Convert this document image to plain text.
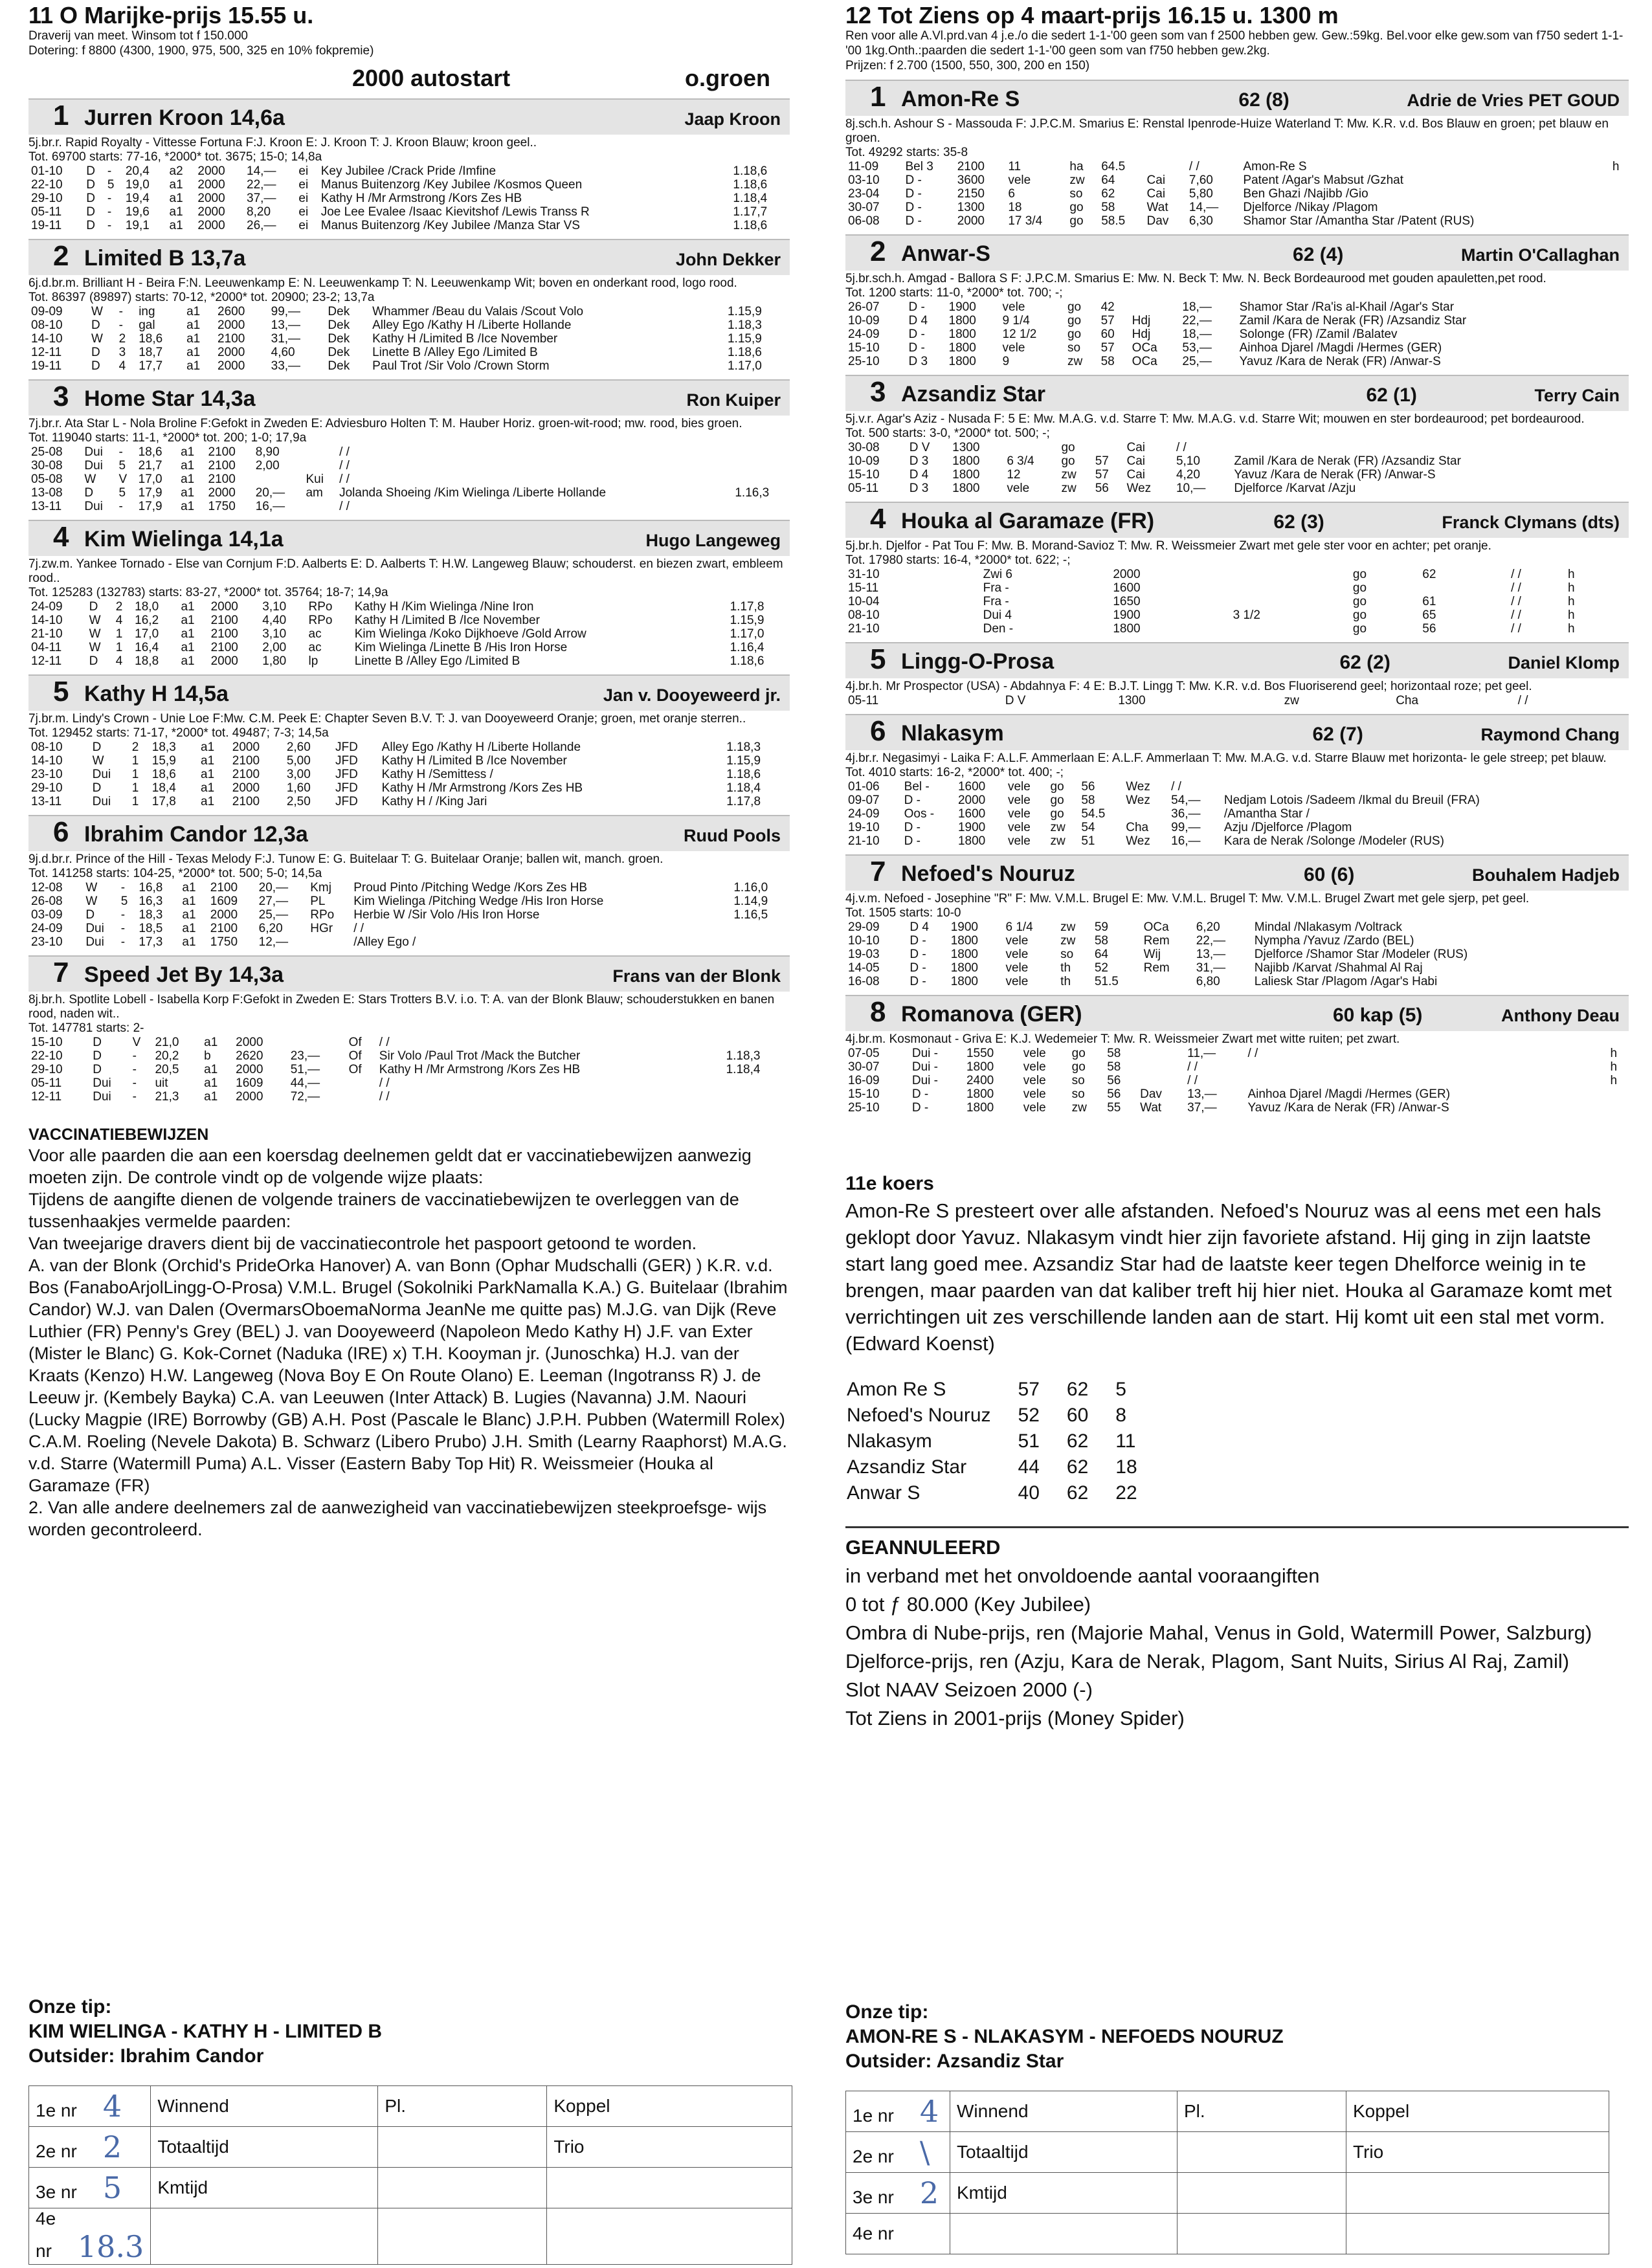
11 O Marijke-prijs 15.55 u.
Draverij van meet. Winsom tot f 150.000
Dotering: f 8800 (4300, 1900, 975, 500, 325 en 10% fokpremie)
2000 autostart	o.groen
1 Jurren Kroon 14,6a	Jaap Kroon
5j.br.r. Rapid Royalty - Vittesse Fortuna F:J. Kroon E: J. Kroon T: J. Kroon Blauw; kroon geel..
Tot. 69700 starts: 77-16, *2000* tot. 3675; 15-0; 14,8a
01-10	D	-	20,4	a2	2000	14,—	ei	Key Jubilee /Crack Pride /Imfine	1.18,6
22-10	D	5	19,0	a1	2000	22,—	ei	Manus Buitenzorg /Key Jubilee /Kosmos Queen	1.18,6
29-10	D	-	19,4	a1	2000	37,—	ei	Kathy H /Mr Armstrong /Kors Zes HB	1.18,4
05-11	D	-	19,6	a1	2000	8,20	ei	Joe Lee Evalee /Isaac Kievitshof /Lewis Transs R	1.17,7
19-11	D	-	19,1	a1	2000	26,—	ei	Manus Buitenzorg /Key Jubilee /Manza Star VS	1.18,6
2 Limited B 13,7a	John Dekker
6j.d.br.m. Brilliant H - Beira F:N. Leeuwenkamp E: N. Leeuwenkamp T: N. Leeuwenkamp Wit; boven en onderkant rood, logo rood.
Tot. 86397 (89897) starts: 70-12, *2000* tot. 20900; 23-2; 13,7a
09-09	W	-	ing	a1	2600	99,—	Dek	Whammer /Beau du Valais /Scout Volo	1.15,9
08-10	D	-	gal	a1	2000	13,—	Dek	Alley Ego /Kathy H /Liberte Hollande	1.18,3
14-10	W	2	18,6	a1	2100	31,—	Dek	Kathy H /Limited B /Ice November	1.15,9
12-11	D	3	18,7	a1	2000	4,60	Dek	Linette B /Alley Ego /Limited B	1.18,6
19-11	D	4	17,7	a1	2000	33,—	Dek	Paul Trot /Sir Volo /Crown Storm	1.17,0
3 Home Star 14,3a	Ron Kuiper
7j.br.r. Ata Star L - Nola Broline F:Gefokt in Zweden E: Adviesburo Holten T: M. Hauber Horiz. groen-wit-rood; mw. rood, bies groen.
Tot. 119040 starts: 11-1, *2000* tot. 200; 1-0; 17,9a
25-08	Dui	-	18,6	a1	2100	8,90		/ /	
30-08	Dui	5	21,7	a1	2100	2,00		/ /	
05-08	W	V	17,0	a1	2100		Kui	/ /	
13-08	D	5	17,9	a1	2000	20,—	am	Jolanda Shoeing /Kim Wielinga /Liberte Hollande	1.16,3
13-11	Dui	-	17,9	a1	1750	16,—		/ /	
4 Kim Wielinga 14,1a	Hugo Langeweg
7j.zw.m. Yankee Tornado - Else van Cornjum F:D. Aalberts E: D. Aalberts T: H.W. Langeweg Blauw; schouderst. en biezen zwart, embleem rood..
Tot. 125283 (132783) starts: 83-27, *2000* tot. 35764; 18-7; 14,9a
24-09	D	2	18,0	a1	2000	3,10	RPo	Kathy H /Kim Wielinga /Nine Iron	1.17,8
14-10	W	4	16,2	a1	2100	4,40	RPo	Kathy H /Limited B /Ice November	1.15,9
21-10	W	1	17,0	a1	2100	3,10	ac	Kim Wielinga /Koko Dijkhoeve /Gold Arrow	1.17,0
04-11	W	1	16,4	a1	2100	2,00	ac	Kim Wielinga /Linette B /His Iron Horse	1.16,4
12-11	D	4	18,8	a1	2000	1,80	lp	Linette B /Alley Ego /Limited B	1.18,6
5 Kathy H 14,5a	Jan v. Dooyeweerd jr.
7j.br.m. Lindy's Crown - Unie Loe F:Mw. C.M. Peek E: Chapter Seven B.V. T: J. van Dooyeweerd Oranje; groen, met oranje sterren..
Tot. 129452 starts: 71-17, *2000* tot. 49487; 7-3; 14,5a
08-10	D	2	18,3	a1	2000	2,60	JFD	Alley Ego /Kathy H /Liberte Hollande	1.18,3
14-10	W	1	15,9	a1	2100	5,00	JFD	Kathy H /Limited B /Ice November	1.15,9
23-10	Dui	1	18,6	a1	2100	3,00	JFD	Kathy H /Semittess /	1.18,6
29-10	D	1	18,4	a1	2000	1,60	JFD	Kathy H /Mr Armstrong /Kors Zes HB	1.18,4
13-11	Dui	1	17,8	a1	2100	2,50	JFD	Kathy H / /King Jari	1.17,8
6 Ibrahim Candor 12,3a	Ruud Pools
9j.d.br.r. Prince of the Hill - Texas Melody F:J. Tunow E: G. Buitelaar T: G. Buitelaar Oranje; ballen wit, manch. groen.
Tot. 141258 starts: 104-25, *2000* tot. 500; 5-0; 14,5a
12-08	W	-	16,8	a1	2100	20,—	Kmj	Proud Pinto /Pitching Wedge /Kors Zes HB	1.16,0
26-08	W	5	16,3	a1	1609	27,—	PL	Kim Wielinga /Pitching Wedge /His Iron Horse	1.14,9
03-09	D	-	18,3	a1	2000	25,—	RPo	Herbie W /Sir Volo /His Iron Horse	1.16,5
24-09	Dui	-	18,5	a1	2100	6,20	HGr	/ /	
23-10	Dui	-	17,3	a1	1750	12,—		/Alley Ego /	
7 Speed Jet By 14,3a	Frans van der Blonk
8j.br.h. Spotlite Lobell - Isabella Korp F:Gefokt in Zweden E: Stars Trotters B.V. i.o. T: A. van der Blonk Blauw; schouderstukken en banen rood, naden wit..
Tot. 147781 starts: 2-
15-10	D	V	21,0	a1	2000		Of	/ /	
22-10	D	-	20,2	b	2620	23,—	Of	Sir Volo /Paul Trot /Mack the Butcher	1.18,3
29-10	D	-	20,5	a1	2000	51,—	Of	Kathy H /Mr Armstrong /Kors Zes HB	1.18,4
05-11	Dui	-	uit	a1	1609	44,—		/ /	
12-11	Dui	-	21,3	a1	2000	72,—		/ /	
VACCINATIEBEWIJZEN
Voor alle paarden die aan een koersdag deelnemen geldt dat er vaccinatiebewijzen aanwezig moeten zijn. De controle vindt op de volgende wijze plaats:
Tijdens de aangifte dienen de volgende trainers de vaccinatiebewijzen te overleggen van de tussenhaakjes vermelde paarden:
Van tweejarige dravers dient bij de vaccinatiecontrole het paspoort getoond te worden.
A. van der Blonk (Orchid's PrideOrka Hanover) A. van Bonn (Ophar Mudschalli (GER) ) K.R. v.d. Bos (FanaboArjolLingg-O-Prosa) V.M.L. Brugel (Sokolniki ParkNamalla K.A.) G. Buitelaar (Ibrahim Candor) W.J. van Dalen (OvermarsOboemaNorma JeanNe me quitte pas) M.J.G. van Dijk (Reve Luthier (FR) Penny's Grey (BEL) J. van Dooyeweerd (Napoleon Medo Kathy H) J.F. van Exter (Mister le Blanc) G. Kok-Cornet (Naduka (IRE) x) T.H. Kooyman jr. (Junoschka) H.J. van der Kraats (Kenzo) H.W. Langeweg (Nova Boy E On Route Olano) E. Leeman (Ingotranss R) J. de Leeuw jr. (Kembely Bayka) C.A. van Leeuwen (Inter Attack) B. Lugies (Navanna) J.M. Naouri (Lucky Magpie (IRE) Borrowby (GB) A.H. Post (Pascale le Blanc) J.P.H. Pubben (Watermill Rolex) C.A.M. Roeling (Nevele Dakota) B. Schwarz (Libero Prubo) J.H. Smith (Learny Raaphorst) M.A.G. v.d. Starre (Watermill Puma) A.L. Visser (Eastern Baby Top Hit) R. Weissmeier (Houka al Garamaze (FR)
2. Van alle andere deelnemers zal de aanwezigheid van vaccinatiebewijzen steekproefsge- wijs worden gecontroleerd.
Onze tip:
KIM WIELINGA - KATHY H - LIMITED B
Outsider: Ibrahim Candor
1e nr 4	Winnend	Pl.	Koppel
2e nr 2	Totaaltijd		Trio
3e nr 5	Kmtijd		
4e nr 18.3			
12 Tot Ziens op 4 maart-prijs 16.15 u. 1300 m
Ren voor alle A.Vl.prd.van 4 j.e./o die sedert 1-1-'00 geen som van f 2500 hebben gew. Gew.:59kg. Bel.voor elke gew.som van f750 sedert 1-1-'00 1kg.Onth.:paarden die sedert 1-1-'00 geen som van f750 hebben gew.2kg.
Prijzen: f 2.700 (1500, 550, 300, 200 en 150)
1 Amon-Re S	62 (8)	Adrie de Vries PET GOUD
8j.sch.h. Ashour S - Massouda F: J.P.C.M. Smarius E: Renstal Ipenrode-Huize Waterland T: Mw. K.R. v.d. Bos Blauw en groen; pet blauw en groen.
Tot. 49292 starts: 35-8
11-09	Bel 3	2100	11	ha	64.5		/ /	Amon-Re S	h
03-10	D -	3600	vele	zw	64	Cai	7,60	Patent /Agar's Mabsut /Gzhat	
23-04	D -	2150	6	so	62	Cai	5,80	Ben Ghazi /Najibb /Gio	
30-07	D -	1300	18	go	58	Wat	14,—	Djelforce /Nikay /Plagom	
06-08	D -	2000	17 3/4	go	58.5	Dav	6,30	Shamor Star /Amantha Star /Patent (RUS)	
2 Anwar-S	62 (4)	Martin O'Callaghan
5j.br.sch.h. Amgad - Ballora S F: J.P.C.M. Smarius E: Mw. N. Beck T: Mw. N. Beck Bordeaurood met gouden apauletten,pet rood.
Tot. 1200 starts: 11-0, *2000* tot. 700; -;
26-07	D -	1900	vele	go	42		18,—	Shamor Star /Ra'is al-Khail /Agar's Star	
10-09	D 4	1800	9 1/4	go	57	Hdj	22,—	Zamil /Kara de Nerak (FR) /Azsandiz Star	
24-09	D -	1800	12 1/2	go	60	Hdj	18,—	Solonge (FR) /Zamil /Balatev	
15-10	D -	1800	vele	so	57	OCa	53,—	Ainhoa Djarel /Magdi /Hermes (GER)	
25-10	D 3	1800	9	zw	58	OCa	25,—	Yavuz /Kara de Nerak (FR) /Anwar-S	
3 Azsandiz Star	62 (1)	Terry Cain
5j.v.r. Agar's Aziz - Nusada F: 5 E: Mw. M.A.G. v.d. Starre T: Mw. M.A.G. v.d. Starre Wit; mouwen en ster bordeaurood; pet bordeaurood.
Tot. 500 starts: 3-0, *2000* tot. 500; -;
30-08	D V	1300		go		Cai	/ /		
10-09	D 3	1800	6 3/4	go	57	Cai	5,10	Zamil /Kara de Nerak (FR) /Azsandiz Star	
15-10	D 4	1800	12	zw	57	Cai	4,20	Yavuz /Kara de Nerak (FR) /Anwar-S	
05-11	D 3	1800	vele	zw	56	Wez	10,—	Djelforce /Karvat /Azju	
4 Houka al Garamaze (FR)	62 (3)	Franck Clymans (dts)
5j.br.h. Djelfor - Pat Tou F: Mw. B. Morand-Savioz T: Mw. R. Weissmeier Zwart met gele ster voor en achter; pet oranje.
Tot. 17980 starts: 16-4, *2000* tot. 622; -;
31-10	Zwi 6	2000		go	62		/ /	h	
15-11	Fra -	1600		go			/ /	h	
10-04	Fra -	1650		go	61		/ /	h	
08-10	Dui 4	1900	3 1/2	go	65		/ /	h	
21-10	Den -	1800		go	56		/ /	h	
5 Lingg-O-Prosa	62 (2)	Daniel Klomp
4j.br.h. Mr Prospector (USA) - Abdahnya F: 4 E: B.J.T. Lingg T: Mw. K.R. v.d. Bos Fluoriserend geel; horizontaal roze; pet geel.
05-11	D V	1300		zw		Cha	/ /		
6 Nlakasym	62 (7)	Raymond Chang
4j.br.r. Negasimyi - Laika F: A.L.F. Ammerlaan E: A.L.F. Ammerlaan T: Mw. M.A.G. v.d. Starre Blauw met horizonta- le gele streep; pet blauw.
Tot. 4010 starts: 16-2, *2000* tot. 400; -;
01-06	Bel -	1600	vele	go	56	Wez	/ /		
09-07	D -	2000	vele	go	58	Wez	54,—	Nedjam Lotois /Sadeem /Ikmal du Breuil (FRA)	
24-09	Oos -	1600	vele	go	54.5		36,—	/Amantha Star /	
19-10	D -	1900	vele	zw	54	Cha	99,—	Azju /Djelforce /Plagom	
21-10	D -	1800	vele	zw	51	Wez	16,—	Kara de Nerak /Solonge /Modeler (RUS)	
7 Nefoed's Nouruz	60 (6)	Bouhalem Hadjeb
4j.v.m. Nefoed - Josephine "R" F: Mw. V.M.L. Brugel E: Mw. V.M.L. Brugel T: Mw. V.M.L. Brugel Zwart met gele sjerp, pet geel.
Tot. 1505 starts: 10-0
29-09	D 4	1900	6 1/4	zw	59	OCa	6,20	Mindal /Nlakasym /Voltrack	
10-10	D -	1800	vele	zw	58	Rem	22,—	Nympha /Yavuz /Zardo (BEL)	
19-03	D -	1800	vele	so	64	Wij	13,—	Djelforce /Shamor Star /Modeler (RUS)	
14-05	D -	1800	vele	th	52	Rem	31,—	Najibb /Karvat /Shahmal Al Raj	
16-08	D -	1800	vele	th	51.5		6,80	Laliesk Star /Plagom /Agar's Habi	
8 Romanova (GER)	60 kap (5)	Anthony Deau
4j.br.m. Kosmonaut - Griva E: K.J. Wedemeier T: Mw. R. Weissmeier Zwart met witte ruiten; pet zwart.
07-05	Dui -	1550	vele	go	58		11,—	/ /	h
30-07	Dui -	1800	vele	go	58		/ /		h
16-09	Dui -	2400	vele	so	56		/ /		h
15-10	D -	1800	vele	so	56	Dav	13,—	Ainhoa Djarel /Magdi /Hermes (GER)	
25-10	D -	1800	vele	zw	55	Wat	37,—	Yavuz /Kara de Nerak (FR) /Anwar-S	
11e koers
Amon-Re S presteert over alle afstanden. Nefoed's Nouruz was al eens met een hals geklopt door Yavuz. Nlakasym vindt hier zijn favoriete afstand. Hij ging in zijn laatste start lang goed mee. Azsandiz Star had de laatste keer tegen Dhelforce weinig in te brengen, maar paarden van dat kaliber treft hij hier niet. Houka al Garamaze komt met verrichtingen uit zes verschillende landen aan de start. Hij komt uit een stal met vorm. (Edward Koenst)
Amon Re S	57	62	5
Nefoed's Nouruz	52	60	8
Nlakasym	51	62	11
Azsandiz Star	44	62	18
Anwar S	40	62	22
GEANNULEERD
in verband met het onvoldoende aantal vooraangiften
0 tot ƒ 80.000 (Key Jubilee)
Ombra di Nube-prijs, ren (Majorie Mahal, Venus in Gold, Watermill Power, Salzburg)
Djelforce-prijs, ren (Azju, Kara de Nerak, Plagom, Sant Nuits, Sirius Al Raj, Zamil)
Slot NAAV Seizoen 2000 (-)
Tot Ziens in 2001-prijs (Money Spider)
Onze tip:
AMON-RE S - NLAKASYM - NEFOEDS NOURUZ
Outsider: Azsandiz Star
1e nr 4	Winnend	Pl.	Koppel
2e nr \	Totaaltijd		Trio
3e nr 2	Kmtijd		
4e nr			
